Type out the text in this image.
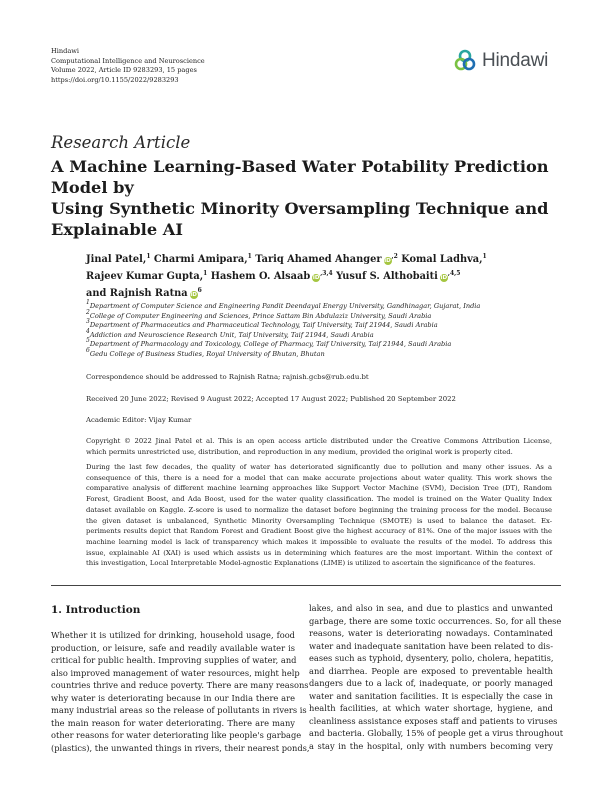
Hindawi
Computational Intelligence and Neuroscience
Volume 2022, Article ID 9283293, 15 pages
https://doi.org/10.1155/2022/9283293
Hindawi
Research Article
A Machine Learning-Based Water Potability Prediction Model by
Using Synthetic Minority Oversampling Technique and
Explainable AI
Jinal Patel,$^1$ Charmi Amipara,$^1$ Tariq Ahamed Ahanger $iD^{,2}$ Komal Ladhva,$^1$
Rajeev Kumar Gupta,$^1$ Hashem O. Alsaab $iD^{,3,4}$ Yusuf S. Althobaiti $iD^{,4,5}$
and Rajnish Ratna $iD^6$
$^1$Department of Computer Science and Engineering Pandit Deendayal Energy University, Gandhinagar, Gujarat, India
$^2$College of Computer Engineering and Sciences, Prince Sattam Bin Abdulaziz University, Saudi Arabia
$^3$Department of Pharmaceutics and Pharmaceutical Technology, Taif University, Taif 21944, Saudi Arabia
$^4$Addiction and Neuroscience Research Unit, Taif University, Taif 21944, Saudi Arabia
$^5$Department of Pharmacology and Toxicology, College of Pharmacy, Taif University, Taif 21944, Saudi Arabia
$^6$Gedu College of Business Studies, Royal University of Bhutan, Bhutan
Correspondence should be addressed to Rajnish Ratna; rajnish.gcbs@rub.edu.bt
Received 20 June 2022; Revised 9 August 2022; Accepted 17 August 2022; Published 20 September 2022
Academic Editor: Vijay Kumar
Copyright © 2022 Jinal Patel et al. This is an open access article distributed under the Creative Commons Attribution License,
which permits unrestricted use, distribution, and reproduction in any medium, provided the original work is properly cited.
During the last few decades, the quality of water has deteriorated significantly due to pollution and many other issues. As a
consequence of this, there is a need for a model that can make accurate projections about water quality. This work shows the
comparative analysis of different machine learning approaches like Support Vector Machine (SVM), Decision Tree (DT), Random
Forest, Gradient Boost, and Ada Boost, used for the water quality classification. The model is trained on the Water Quality Index
dataset available on Kaggle. Z-score is used to normalize the dataset before beginning the training process for the model. Because
the given dataset is unbalanced, Synthetic Minority Oversampling Technique (SMOTE) is used to balance the dataset. Ex-
periments results depict that Random Forest and Gradient Boost give the highest accuracy of 81%. One of the major issues with the
machine learning model is lack of transparency which makes it impossible to evaluate the results of the model. To address this
issue, explainable AI (XAI) is used which assists us in determining which features are the most important. Within the context of
this investigation, Local Interpretable Model-agnostic Explanations (LIME) is utilized to ascertain the significance of the features.
1. Introduction
Whether it is utilized for drinking, household usage, food
production, or leisure, safe and readily available water is
critical for public health. Improving supplies of water, and
also improved management of water resources, might help
countries thrive and reduce poverty. There are many reasons
why water is deteriorating because in our India there are
many industrial areas so the release of pollutants in rivers is
the main reason for water deteriorating. There are many
other reasons for water deteriorating like people's garbage
(plastics), the unwanted things in rivers, their nearest ponds,
lakes, and also in sea, and due to plastics and unwanted
garbage, there are some toxic occurrences. So, for all these
reasons, water is deteriorating nowadays. Contaminated
water and inadequate sanitation have been related to dis-
eases such as typhoid, dysentery, polio, cholera, hepatitis,
and diarrhea. People are exposed to preventable health
dangers due to a lack of, inadequate, or poorly managed
water and sanitation facilities. It is especially the case in
health facilities, at which water shortage, hygiene, and
cleanliness assistance exposes staff and patients to viruses
and bacteria. Globally, 15% of people get a virus throughout
a stay in the hospital, only with numbers becoming very
